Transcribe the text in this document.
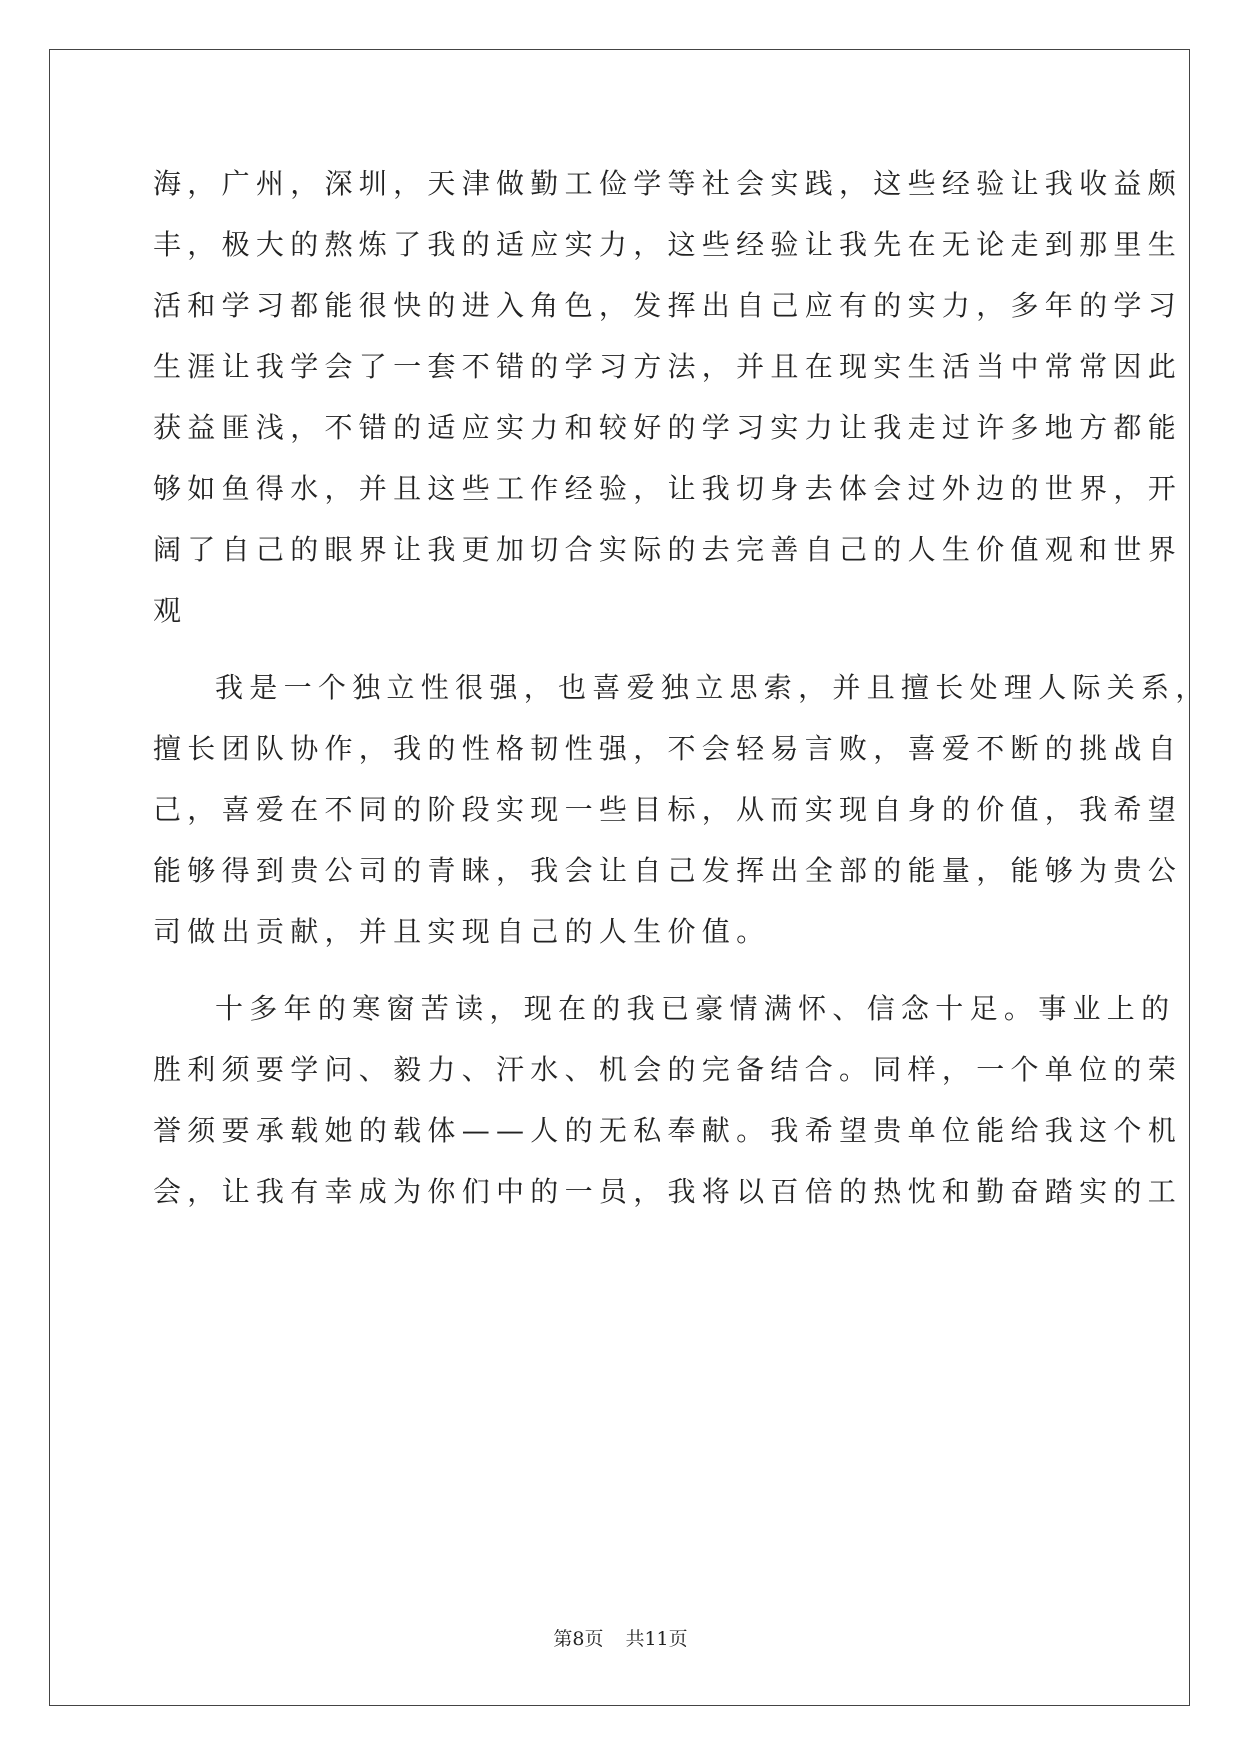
海，广州，深圳，天津做勤工俭学等社会实践，这些经验让我收益颇
丰，极大的熬炼了我的适应实力，这些经验让我先在无论走到那里生
活和学习都能很快的进入角色，发挥出自己应有的实力，多年的学习
生涯让我学会了一套不错的学习方法，并且在现实生活当中常常因此
获益匪浅，不错的适应实力和较好的学习实力让我走过许多地方都能
够如鱼得水，并且这些工作经验，让我切身去体会过外边的世界，开
阔了自己的眼界让我更加切合实际的去完善自己的人生价值观和世界
观
我是一个独立性很强，也喜爱独立思索，并且擅长处理人际关系，
擅长团队协作，我的性格韧性强，不会轻易言败，喜爱不断的挑战自
己，喜爱在不同的阶段实现一些目标，从而实现自身的价值，我希望
能够得到贵公司的青睐，我会让自己发挥出全部的能量，能够为贵公
司做出贡献，并且实现自己的人生价值。
十多年的寒窗苦读，现在的我已豪情满怀、信念十足。事业上的
胜利须要学问、毅力、汗水、机会的完备结合。同样，一个单位的荣
誉须要承载她的载体——人的无私奉献。我希望贵单位能给我这个机
会，让我有幸成为你们中的一员，我将以百倍的热忱和勤奋踏实的工
第8页 共11页
